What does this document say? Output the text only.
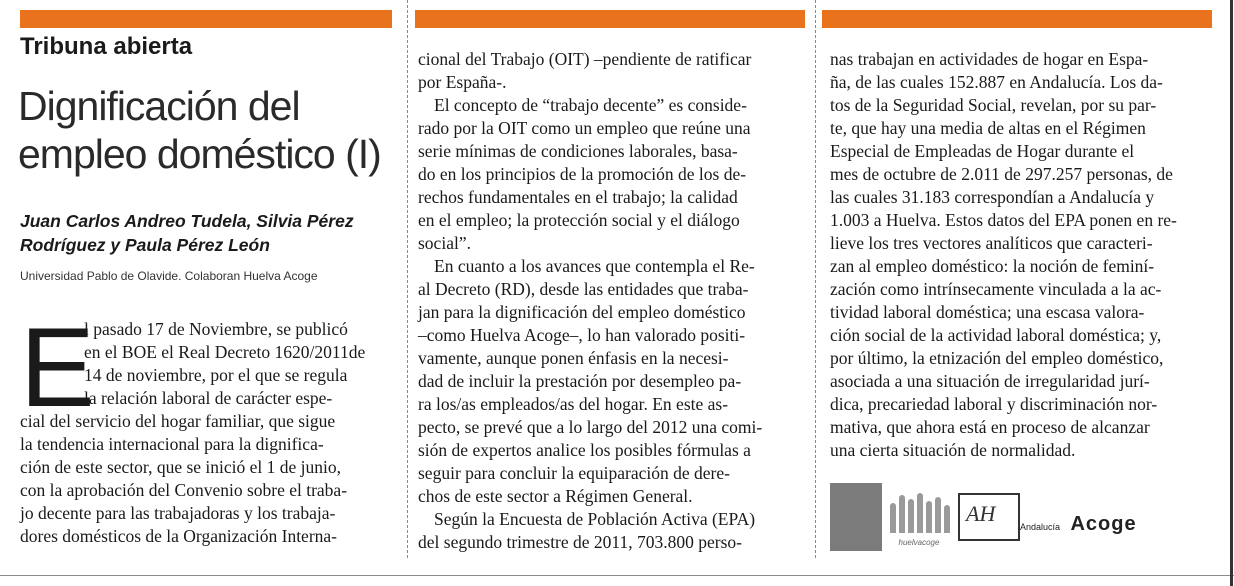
Tribuna abierta
Dignificación del
empleo doméstico (I)
Juan Carlos Andreo Tudela, Silvia Pérez
Rodríguez y Paula Pérez León
Universidad Pablo de Olavide. Colaboran Huelva Acoge
E
l pasado 17 de Noviembre, se publicó
en el BOE el Real Decreto 1620/2011de
14 de noviembre, por el que se regula
la relación laboral de carácter espe-
cial del servicio del hogar familiar, que sigue
la tendencia internacional para la dignifica-
ción de este sector, que se inició el 1 de junio,
con la aprobación del Convenio sobre el traba-
jo decente para las trabajadoras y los trabaja-
dores domésticos de la Organización Interna-
cional del Trabajo (OIT) –pendiente de ratificar
por España-.
El concepto de “trabajo decente” es conside-
rado por la OIT como un empleo que reúne una
serie mínimas de condiciones laborales, basa-
do en los principios de la promoción de los de-
rechos fundamentales en el trabajo; la calidad
en el empleo; la protección social y el diálogo
social”.
En cuanto a los avances que contempla el Re-
al Decreto (RD), desde las entidades que traba-
jan para la dignificación del empleo doméstico
–como Huelva Acoge–, lo han valorado positi-
vamente, aunque ponen énfasis en la necesi-
dad de incluir la prestación por desempleo pa-
ra los/as empleados/as del hogar. En este as-
pecto, se prevé que a lo largo del 2012 una comi-
sión de expertos analice los posibles fórmulas a
seguir para concluir la equiparación de dere-
chos de este sector a Régimen General.
Según la Encuesta de Población Activa (EPA)
del segundo trimestre de 2011, 703.800 perso-
nas trabajan en actividades de hogar en Espa-
ña, de las cuales 152.887 en Andalucía. Los da-
tos de la Seguridad Social, revelan, por su par-
te, que hay una media de altas en el Régimen
Especial de Empleadas de Hogar durante el
mes de octubre de 2.011 de 297.257 personas, de
las cuales 31.183 correspondían a Andalucía y
1.003 a Huelva. Estos datos del EPA ponen en re-
lieve los tres vectores analíticos que caracteri-
zan al empleo doméstico: la noción de feminí-
zación como intrínsecamente vinculada a la ac-
tividad laboral doméstica; una escasa valora-
ción social de la actividad laboral doméstica; y,
por último, la etnización del empleo doméstico,
asociada a una situación de irregularidad jurí-
dica, precariedad laboral y discriminación nor-
mativa, que ahora está en proceso de alcanzar
una cierta situación de normalidad.
huelvacoge
AH
Andalucía Acoge
